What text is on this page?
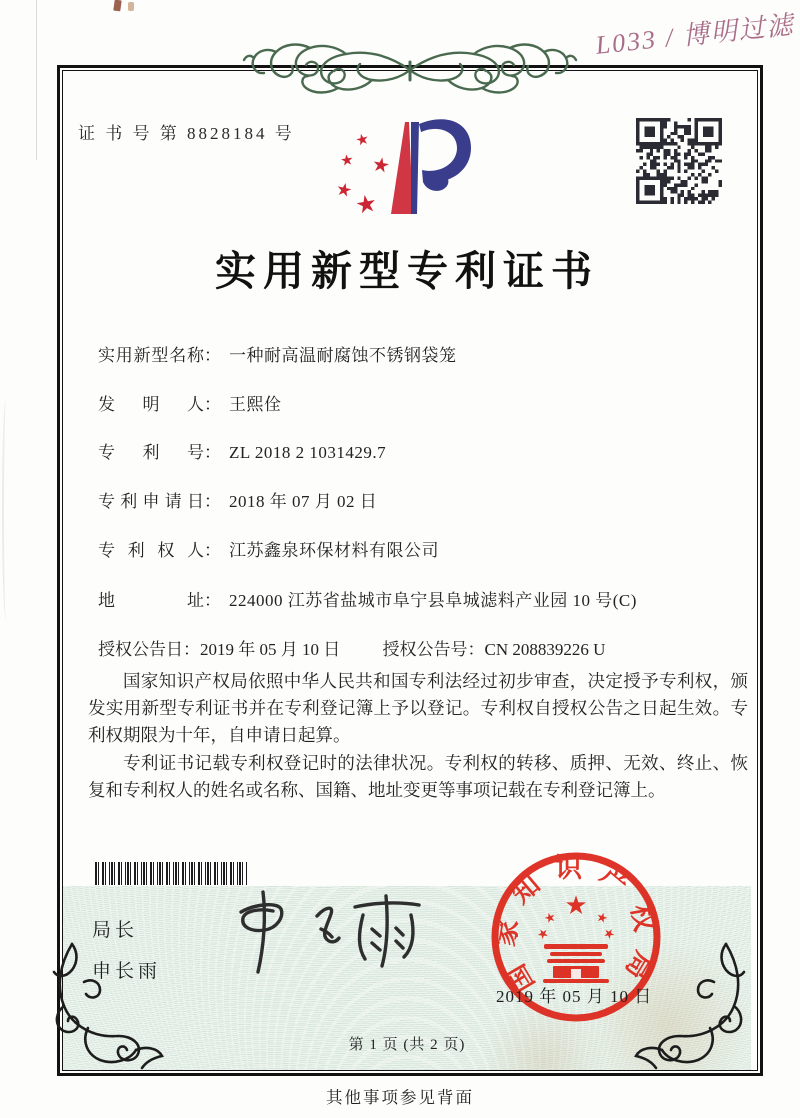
L033 / 博明过滤
证 书 号 第 8828184 号	★
★
★
★
★
实用新型专利证书
实用新型名称： 一种耐高温耐腐蚀不锈钢袋笼
发明人： 王熙佺
专利号： ZL 2018 2 1031429.7
专利申请日： 2018 年 07 月 02 日
专利权人： 江苏鑫泉环保材料有限公司
地址： 224000 江苏省盐城市阜宁县阜城滤料产业园 10 号(C)
授权公告日：2019 年 05 月 10 日 授权公告号：CN 208839226 U

国家知识产权局依照中华人民共和国专利法经过初步审查，决定授予专利权，颁发实用新型专利证书并在专利登记簿上予以登记。专利权自授权公告之日起生效。专利权期限为十年，自申请日起算。

专利证书记载专利权登记时的法律状况。专利权的转移、质押、无效、终止、恢复和专利权人的姓名或名称、国籍、地址变更等事项记载在专利登记簿上。

局长
申长雨	国家知识产权局
★
★	★
★	★
2019 年 05 月 10 日
第 1 页 (共 2 页)
其他事项参见背面
